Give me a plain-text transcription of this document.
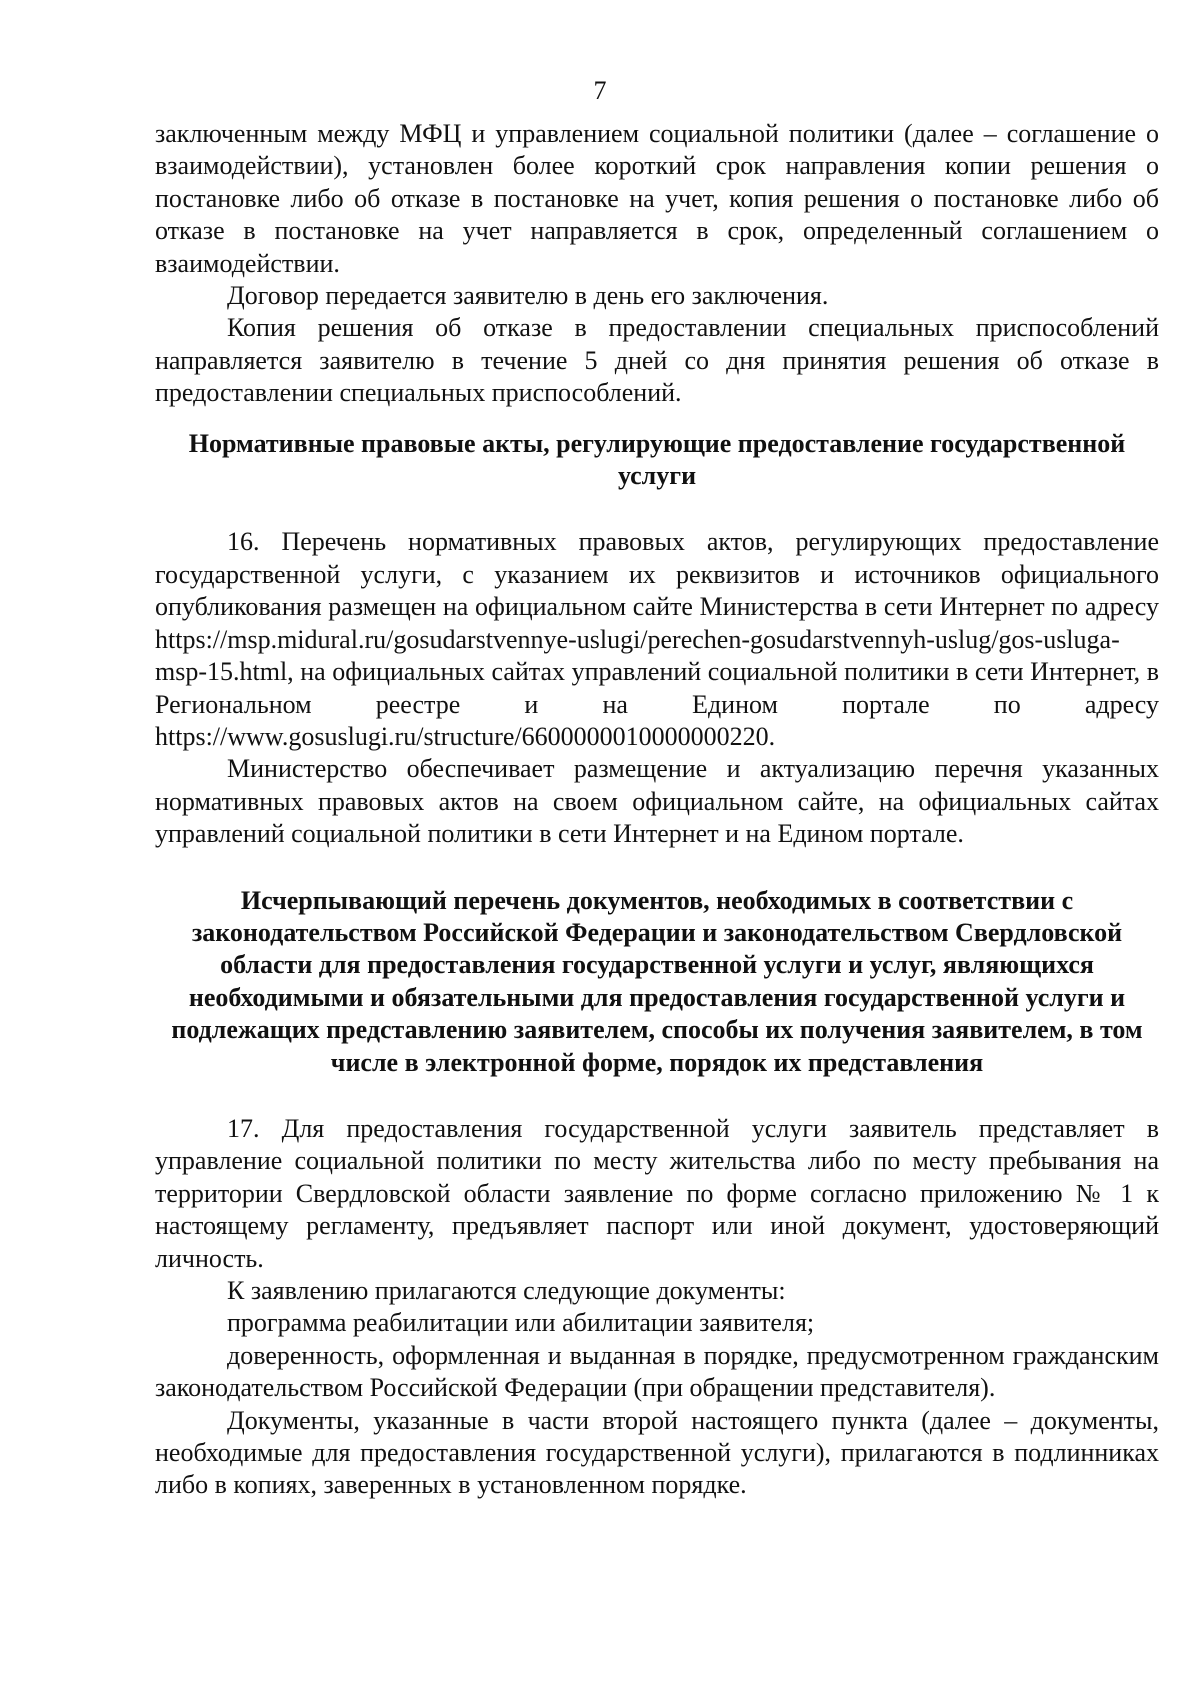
7

заключенным между МФЦ и управлением социальной политики (далее – соглашение о взаимодействии), установлен более короткий срок направления копии решения о постановке либо об отказе в постановке на учет, копия решения о постановке либо об отказе в постановке на учет направляется в срок, определенный соглашением о взаимодействии.

Договор передается заявителю в день его заключения.

Копия решения об отказе в предоставлении специальных приспособлений направляется заявителю в течение 5 дней со дня принятия решения об отказе в предоставлении специальных приспособлений.

Нормативные правовые акты, регулирующие предоставление государственной услуги

16. Перечень нормативных правовых актов, регулирующих предоставление государственной услуги, с указанием их реквизитов и источников официального опубликования размещен на официальном сайте Министерства в сети Интернет по адресу https://msp.midural.ru/gosudarstvennye-uslugi/perechen-gosudarstvennyh-uslug/gos-usluga-msp-15.html, на официальных сайтах управлений социальной политики в сети Интернет, в Региональном реестре и на Едином портале по адресу https://www.gosuslugi.ru/structure/6600000010000000220.

Министерство обеспечивает размещение и актуализацию перечня указанных нормативных правовых актов на своем официальном сайте, на официальных сайтах управлений социальной политики в сети Интернет и на Едином портале.

Исчерпывающий перечень документов, необходимых в соответствии с законодательством Российской Федерации и законодательством Свердловской области для предоставления государственной услуги и услуг, являющихся необходимыми и обязательными для предоставления государственной услуги и подлежащих представлению заявителем, способы их получения заявителем, в том числе в электронной форме, порядок их представления

17. Для предоставления государственной услуги заявитель представляет в управление социальной политики по месту жительства либо по месту пребывания на территории Свердловской области заявление по форме согласно приложению № 1 к настоящему регламенту, предъявляет паспорт или иной документ, удостоверяющий личность.

К заявлению прилагаются следующие документы:

программа реабилитации или абилитации заявителя;

доверенность, оформленная и выданная в порядке, предусмотренном гражданским законодательством Российской Федерации (при обращении представителя).

Документы, указанные в части второй настоящего пункта (далее – документы, необходимые для предоставления государственной услуги), прилагаются в подлинниках либо в копиях, заверенных в установленном порядке.
